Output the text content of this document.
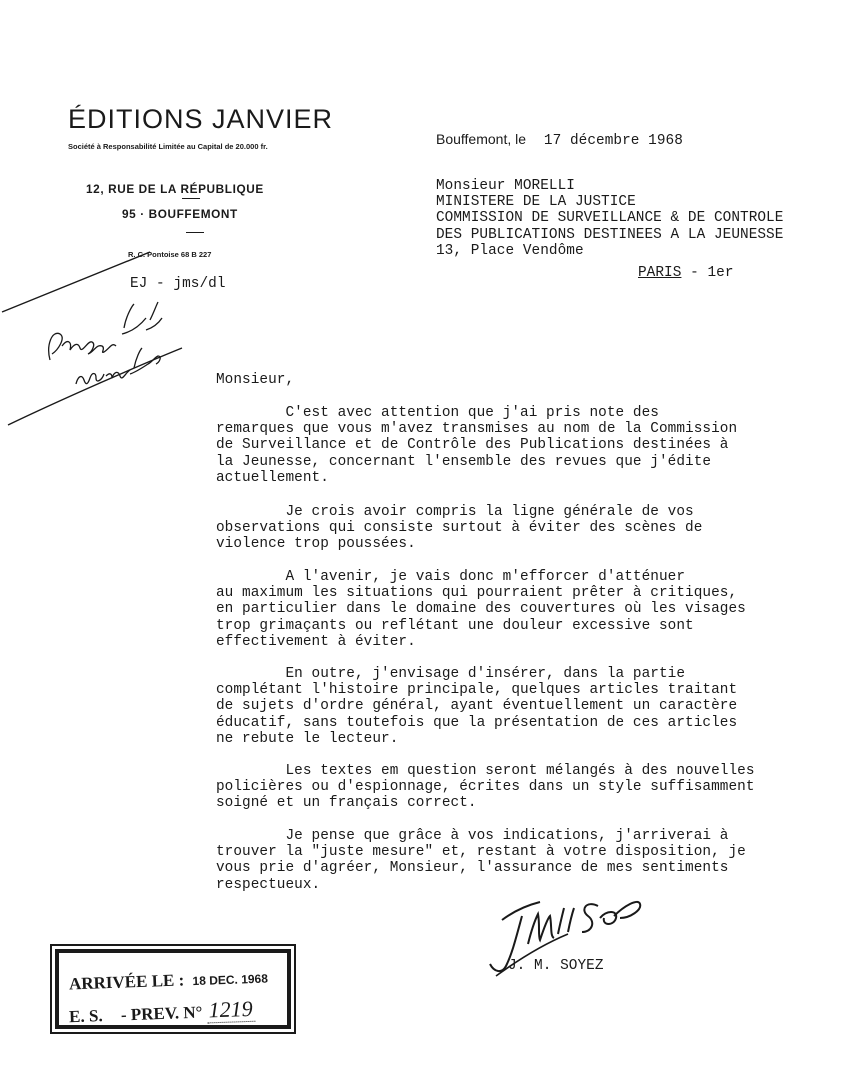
ÉDITIONS JANVIER
Société à Responsabilité Limitée au Capital de 20.000 fr.
12, RUE DE LA RÉPUBLIQUE
95 · BOUFFEMONT
R. C. Pontoise 68 B 227
EJ - jms/dl
Bouffemont, le 17 décembre 1968
Monsieur MORELLI
MINISTERE DE LA JUSTICE
COMMISSION DE SURVEILLANCE & DE CONTROLE
DES PUBLICATIONS DESTINEES A LA JEUNESSE
13, Place Vendôme
PARIS - 1er
Monsieur,
C'est avec attention que j'ai pris note des
remarques que vous m'avez transmises au nom de la Commission
de Surveillance et de Contrôle des Publications destinées à
la Jeunesse, concernant l'ensemble des revues que j'édite
actuellement.
Je crois avoir compris la ligne générale de vos
observations qui consiste surtout à éviter des scènes de
violence trop poussées.
A l'avenir, je vais donc m'efforcer d'atténuer
au maximum les situations qui pourraient prêter à critiques,
en particulier dans le domaine des couvertures où les visages
trop grimaçants ou reflétant une douleur excessive sont
effectivement à éviter.
En outre, j'envisage d'insérer, dans la partie
complétant l'histoire principale, quelques articles traitant
de sujets d'ordre général, ayant éventuellement un caractère
éducatif, sans toutefois que la présentation de ces articles
ne rebute le lecteur.
Les textes em question seront mélangés à des nouvelles
policières ou d'espionnage, écrites dans un style suffisamment
soigné et un français correct.
Je pense que grâce à vos indications, j'arriverai à
trouver la "juste mesure" et, restant à votre disposition, je
vous prie d'agréer, Monsieur, l'assurance de mes sentiments
respectueux.
J. M. SOYEZ
ARRIVÉE LE : 18 DEC. 1968
E. S. - PREV. N° 1219
